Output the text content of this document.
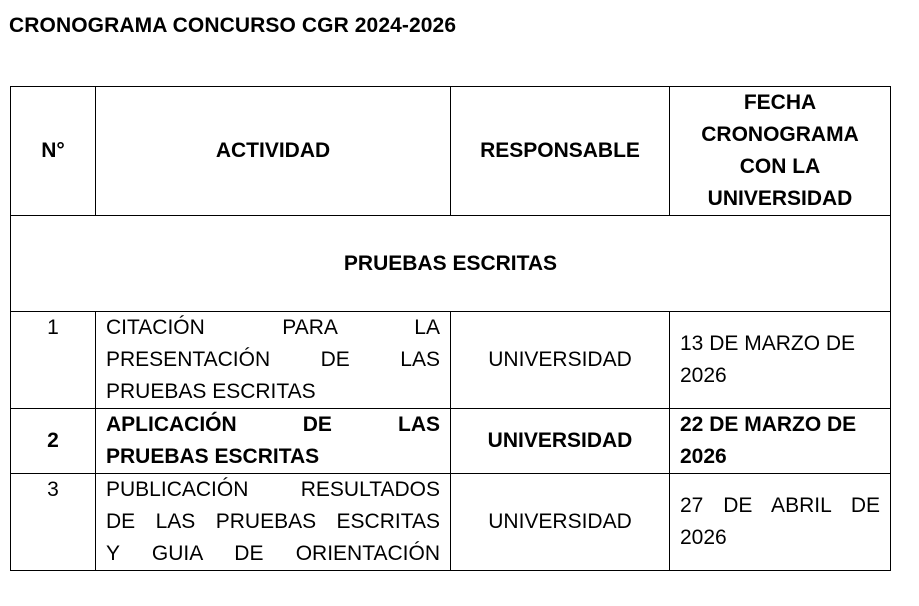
CRONOGRAMA CONCURSO CGR 2024-2026
N°	ACTIVIDAD	RESPONSABLE	FECHA CRONOGRAMA CON LA UNIVERSIDAD
PRUEBAS ESCRITAS			
1	CITACIÓN PARA LA
PRESENTACIÓN DE LAS
PRUEBAS ESCRITAS	UNIVERSIDAD	13 DE MARZO DE
2026

2	APLICACIÓN DE LAS
PRUEBAS ESCRITAS	UNIVERSIDAD	22 DE MARZO DE
2026

3	PUBLICACIÓN RESULTADOS
DE LAS PRUEBAS ESCRITAS
Y GUIA DE ORIENTACIÓN	UNIVERSIDAD	27 DE ABRIL DE
2026
